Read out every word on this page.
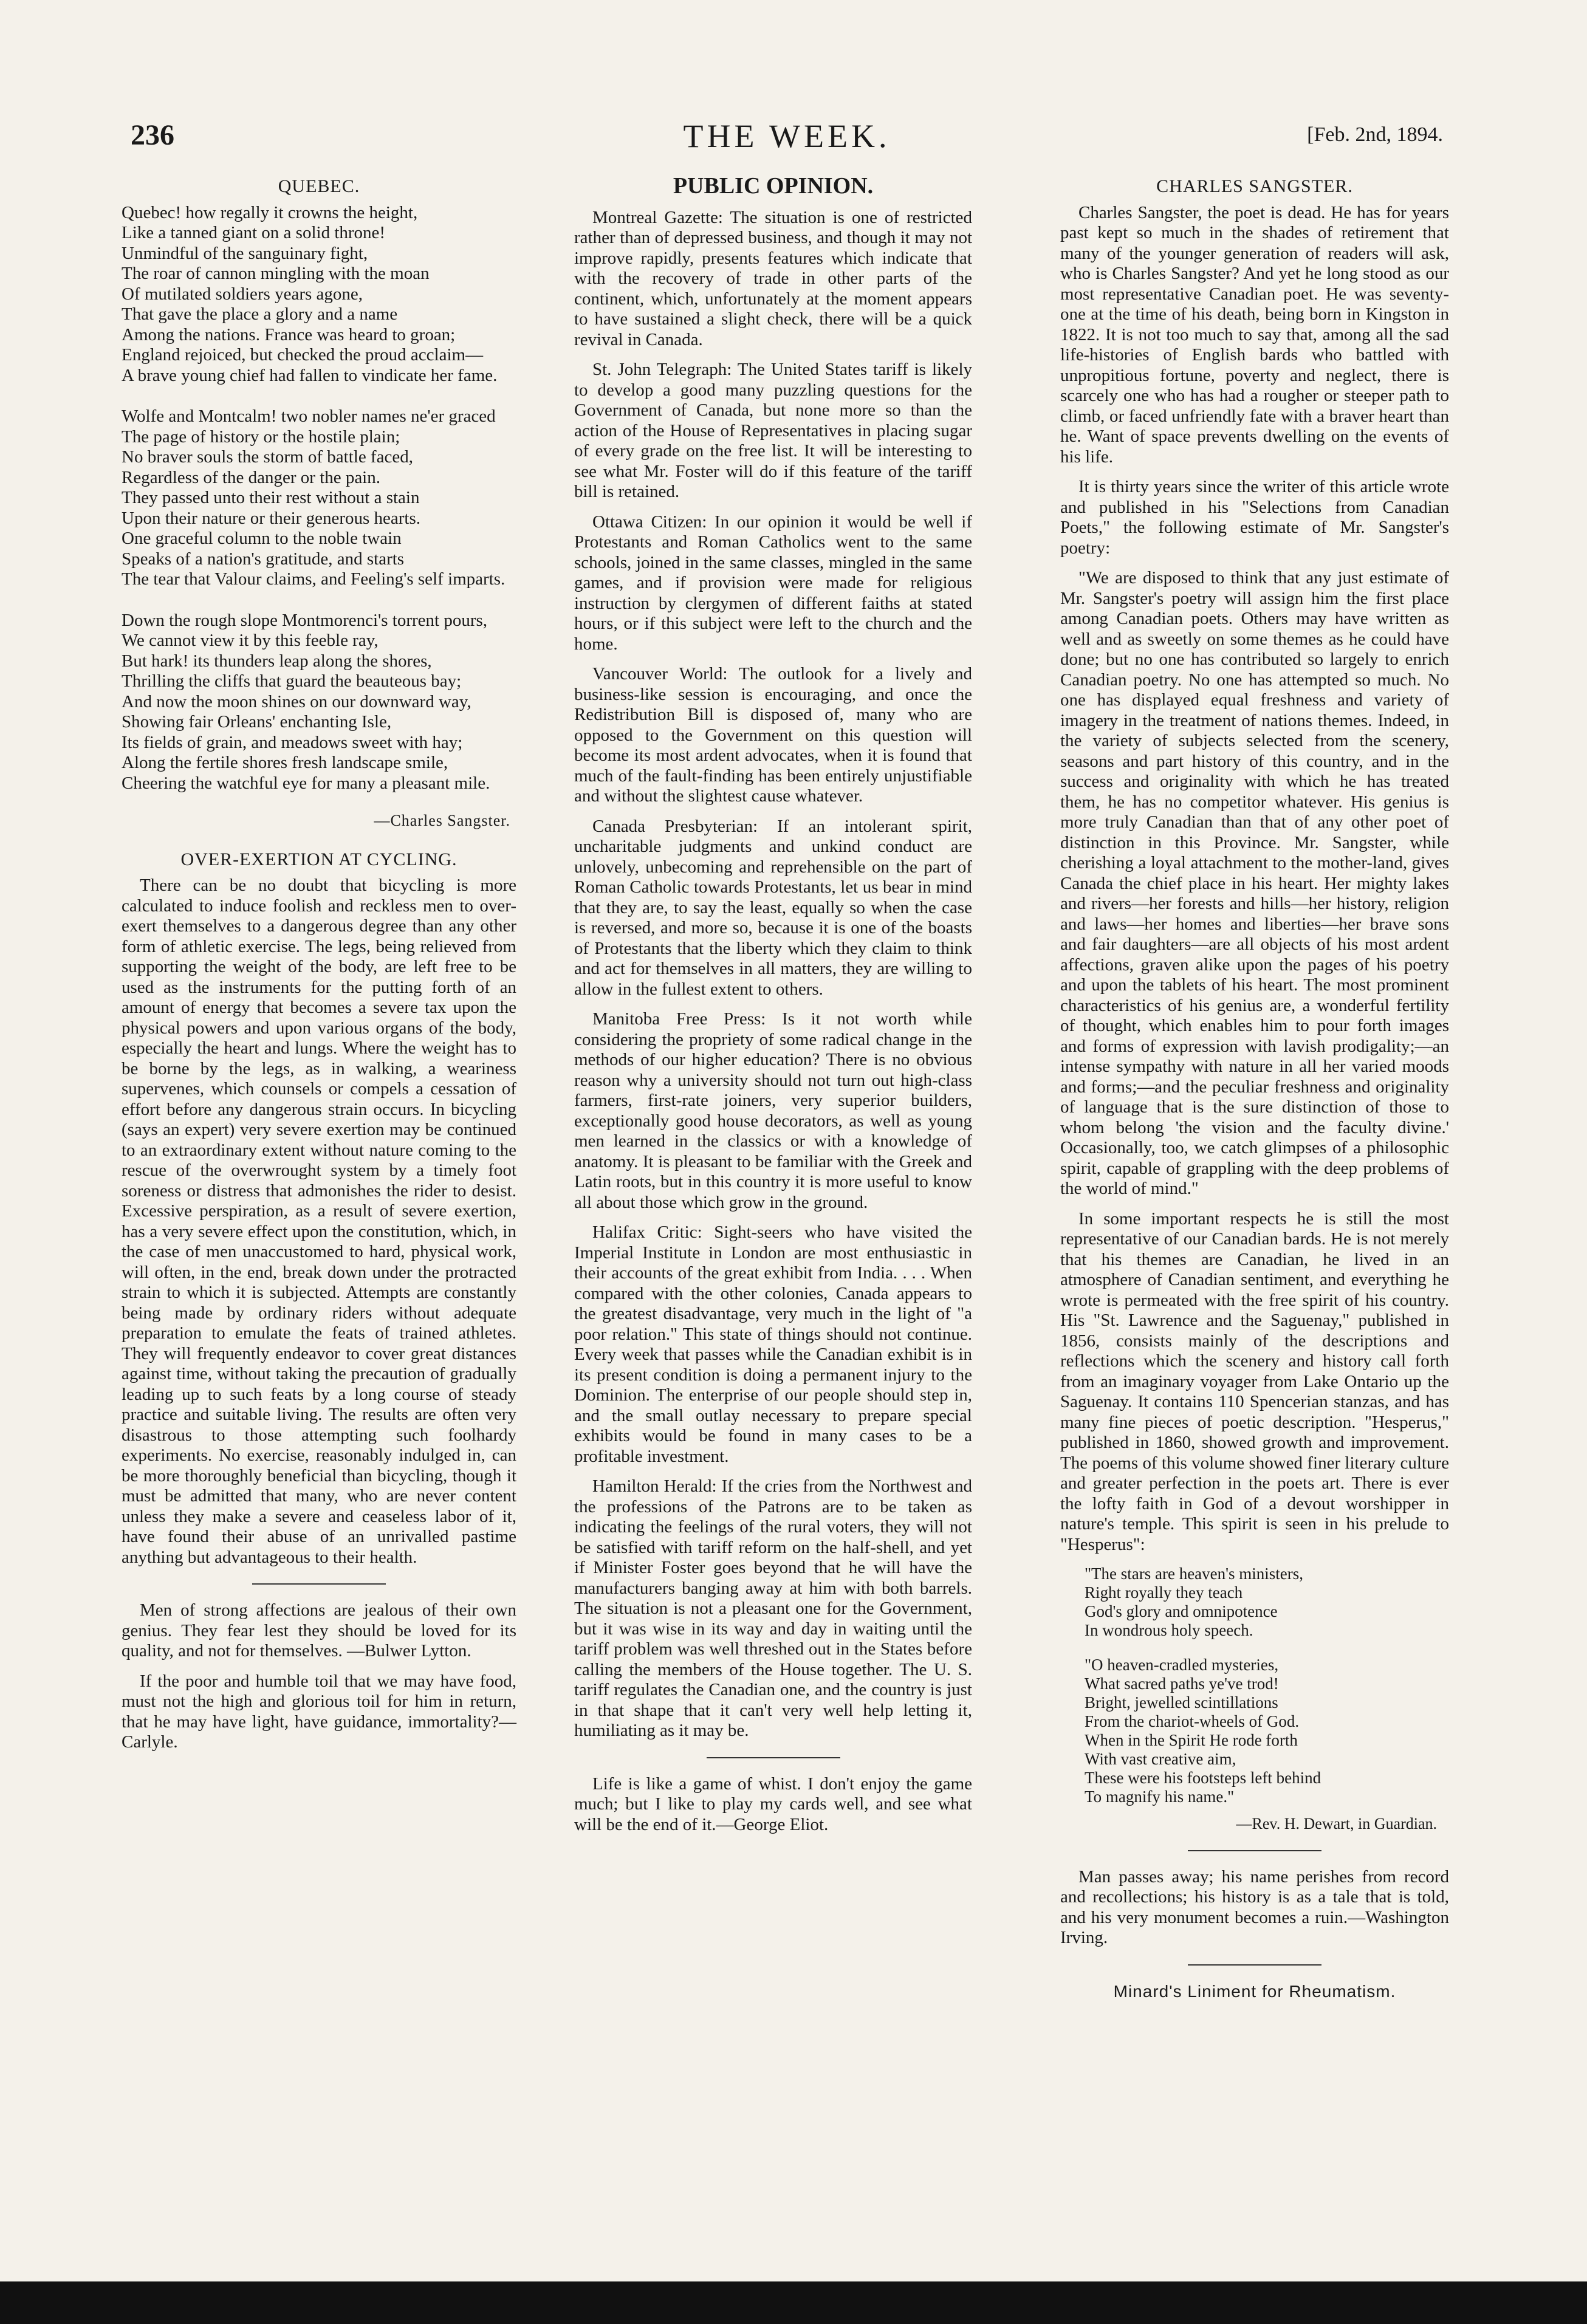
236	THE WEEK.	[Feb. 2nd, 1894.
QUEBEC.

Quebec! how regally it crowns the height,

Like a tanned giant on a solid throne!

Unmindful of the sanguinary fight,

The roar of cannon mingling with the moan

Of mutilated soldiers years agone,

That gave the place a glory and a name

Among the nations. France was heard to groan;

England rejoiced, but checked the proud acclaim—

A brave young chief had fallen to vindicate her fame.

Wolfe and Montcalm! two nobler names ne'er graced

The page of history or the hostile plain;

No braver souls the storm of battle faced,

Regardless of the danger or the pain.

They passed unto their rest without a stain

Upon their nature or their generous hearts.

One graceful column to the noble twain

Speaks of a nation's gratitude, and starts

The tear that Valour claims, and Feeling's self imparts.

Down the rough slope Montmorenci's torrent pours,

We cannot view it by this feeble ray,

But hark! its thunders leap along the shores,

Thrilling the cliffs that guard the beauteous bay;

And now the moon shines on our downward way,

Showing fair Orleans' enchanting Isle,

Its fields of grain, and meadows sweet with hay;

Along the fertile shores fresh landscape smile,

Cheering the watchful eye for many a pleasant mile.

—Charles Sangster.
OVER-EXERTION AT CYCLING.

There can be no doubt that bicycling is more calculated to induce foolish and reckless men to over-exert themselves to a dangerous degree than any other form of athletic exercise. The legs, being relieved from supporting the weight of the body, are left free to be used as the instruments for the putting forth of an amount of energy that becomes a severe tax upon the physical powers and upon various organs of the body, especially the heart and lungs. Where the weight has to be borne by the legs, as in walking, a weariness supervenes, which counsels or compels a cessation of effort before any dangerous strain occurs. In bicycling (says an expert) very severe exertion may be continued to an extraordinary extent without nature coming to the rescue of the overwrought system by a timely foot soreness or distress that admonishes the rider to desist. Excessive perspiration, as a result of severe exertion, has a very severe effect upon the constitution, which, in the case of men unaccustomed to hard, physical work, will often, in the end, break down under the protracted strain to which it is subjected. Attempts are constantly being made by ordinary riders without adequate preparation to emulate the feats of trained athletes. They will frequently endeavor to cover great distances against time, without taking the precaution of gradually leading up to such feats by a long course of steady practice and suitable living. The results are often very disastrous to those attempting such foolhardy experiments. No exercise, reasonably indulged in, can be more thoroughly beneficial than bicycling, though it must be admitted that many, who are never content unless they make a severe and ceaseless labor of it, have found their abuse of an unrivalled pastime anything but advantageous to their health.

Men of strong affections are jealous of their own genius. They fear lest they should be loved for its quality, and not for themselves. —Bulwer Lytton.

If the poor and humble toil that we may have food, must not the high and glorious toil for him in return, that he may have light, have guidance, immortality?—Carlyle.

PUBLIC OPINION.

Montreal Gazette: The situation is one of restricted rather than of depressed business, and though it may not improve rapidly, presents features which indicate that with the recovery of trade in other parts of the continent, which, unfortunately at the moment appears to have sustained a slight check, there will be a quick revival in Canada.

St. John Telegraph: The United States tariff is likely to develop a good many puzzling questions for the Government of Canada, but none more so than the action of the House of Representatives in placing sugar of every grade on the free list. It will be interesting to see what Mr. Foster will do if this feature of the tariff bill is retained.

Ottawa Citizen: In our opinion it would be well if Protestants and Roman Catholics went to the same schools, joined in the same classes, mingled in the same games, and if provision were made for religious instruction by clergymen of different faiths at stated hours, or if this subject were left to the church and the home.

Vancouver World: The outlook for a lively and business-like session is encouraging, and once the Redistribution Bill is disposed of, many who are opposed to the Government on this question will become its most ardent advocates, when it is found that much of the fault-finding has been entirely unjustifiable and without the slightest cause whatever.

Canada Presbyterian: If an intolerant spirit, uncharitable judgments and unkind conduct are unlovely, unbecoming and reprehensible on the part of Roman Catholic towards Protestants, let us bear in mind that they are, to say the least, equally so when the case is reversed, and more so, because it is one of the boasts of Protestants that the liberty which they claim to think and act for themselves in all matters, they are willing to allow in the fullest extent to others.

Manitoba Free Press: Is it not worth while considering the propriety of some radical change in the methods of our higher education? There is no obvious reason why a university should not turn out high-class farmers, first-rate joiners, very superior builders, exceptionally good house decorators, as well as young men learned in the classics or with a knowledge of anatomy. It is pleasant to be familiar with the Greek and Latin roots, but in this country it is more useful to know all about those which grow in the ground.

Halifax Critic: Sight-seers who have visited the Imperial Institute in London are most enthusiastic in their accounts of the great exhibit from India. . . . When compared with the other colonies, Canada appears to the greatest disadvantage, very much in the light of "a poor relation." This state of things should not continue. Every week that passes while the Canadian exhibit is in its present condition is doing a permanent injury to the Dominion. The enterprise of our people should step in, and the small outlay necessary to prepare special exhibits would be found in many cases to be a profitable investment.

Hamilton Herald: If the cries from the Northwest and the professions of the Patrons are to be taken as indicating the feelings of the rural voters, they will not be satisfied with tariff reform on the half-shell, and yet if Minister Foster goes beyond that he will have the manufacturers banging away at him with both barrels. The situation is not a pleasant one for the Government, but it was wise in its way and day in waiting until the tariff problem was well threshed out in the States before calling the members of the House together. The U. S. tariff regulates the Canadian one, and the country is just in that shape that it can't very well help letting it, humiliating as it may be.

Life is like a game of whist. I don't enjoy the game much; but I like to play my cards well, and see what will be the end of it.—George Eliot.

CHARLES SANGSTER.

Charles Sangster, the poet is dead. He has for years past kept so much in the shades of retirement that many of the younger generation of readers will ask, who is Charles Sangster? And yet he long stood as our most representative Canadian poet. He was seventy-one at the time of his death, being born in Kingston in 1822. It is not too much to say that, among all the sad life-histories of English bards who battled with unpropitious fortune, poverty and neglect, there is scarcely one who has had a rougher or steeper path to climb, or faced unfriendly fate with a braver heart than he. Want of space prevents dwelling on the events of his life.

It is thirty years since the writer of this article wrote and published in his "Selections from Canadian Poets," the following estimate of Mr. Sangster's poetry:

"We are disposed to think that any just estimate of Mr. Sangster's poetry will assign him the first place among Canadian poets. Others may have written as well and as sweetly on some themes as he could have done; but no one has contributed so largely to enrich Canadian poetry. No one has attempted so much. No one has displayed equal freshness and variety of imagery in the treatment of nations themes. Indeed, in the variety of subjects selected from the scenery, seasons and part history of this country, and in the success and originality with which he has treated them, he has no competitor whatever. His genius is more truly Canadian than that of any other poet of distinction in this Province. Mr. Sangster, while cherishing a loyal attachment to the mother-land, gives Canada the chief place in his heart. Her mighty lakes and rivers—her forests and hills—her history, religion and laws—her homes and liberties—her brave sons and fair daughters—are all objects of his most ardent affections, graven alike upon the pages of his poetry and upon the tablets of his heart. The most prominent characteristics of his genius are, a wonderful fertility of thought, which enables him to pour forth images and forms of expression with lavish prodigality;—an intense sympathy with nature in all her varied moods and forms;—and the peculiar freshness and originality of language that is the sure distinction of those to whom belong 'the vision and the faculty divine.' Occasionally, too, we catch glimpses of a philosophic spirit, capable of grappling with the deep problems of the world of mind."

In some important respects he is still the most representative of our Canadian bards. He is not merely that his themes are Canadian, he lived in an atmosphere of Canadian sentiment, and everything he wrote is permeated with the free spirit of his country. His "St. Lawrence and the Saguenay," published in 1856, consists mainly of the descriptions and reflections which the scenery and history call forth from an imaginary voyager from Lake Ontario up the Saguenay. It contains 110 Spencerian stanzas, and has many fine pieces of poetic description. "Hesperus," published in 1860, showed growth and improvement. The poems of this volume showed finer literary culture and greater perfection in the poets art. There is ever the lofty faith in God of a devout worshipper in nature's temple. This spirit is seen in his prelude to "Hesperus":

"The stars are heaven's ministers,

Right royally they teach

God's glory and omnipotence

In wondrous holy speech.

"O heaven-cradled mysteries,

What sacred paths ye've trod!

Bright, jewelled scintillations

From the chariot-wheels of God.

When in the Spirit He rode forth

With vast creative aim,

These were his footsteps left behind

To magnify his name."

—Rev. H. Dewart, in Guardian.

Man passes away; his name perishes from record and recollections; his history is as a tale that is told, and his very monument becomes a ruin.—Washington Irving.

Minard's Liniment for Rheumatism.
